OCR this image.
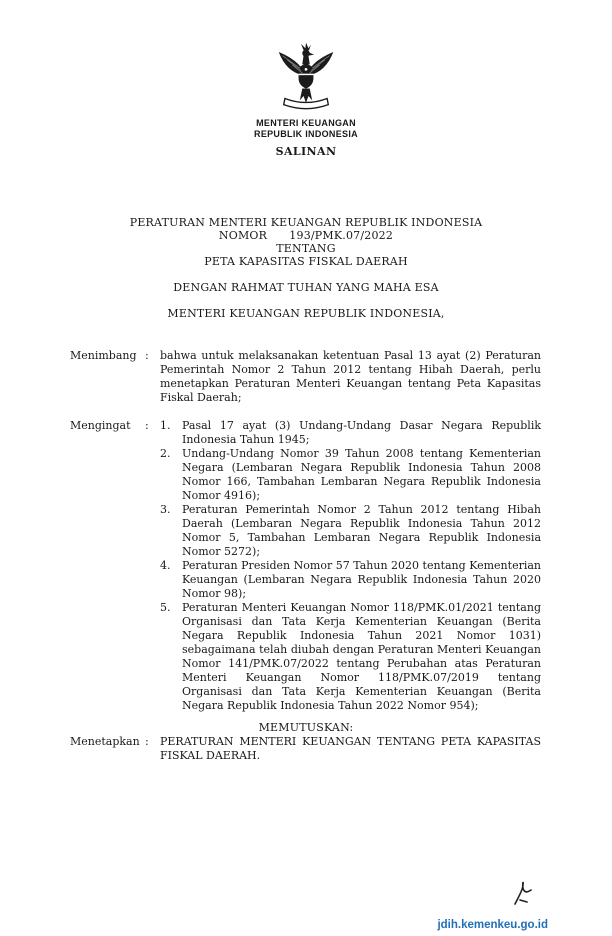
MENTERI KEUANGAN
REPUBLIK INDONESIA
SALINAN
PERATURAN MENTERI KEUANGAN REPUBLIK INDONESIA
NOMOR      193/PMK.07/2022
TENTANG
PETA KAPASITAS FISKAL DAERAH
DENGAN RAHMAT TUHAN YANG MAHA ESA
MENTERI KEUANGAN REPUBLIK INDONESIA,
Menimbang :	bahwa untuk melaksanakan ketentuan Pasal 13 ayat (2) Peraturan Pemerintah Nomor 2 Tahun 2012 tentang Hibah Daerah, perlu menetapkan Peraturan Menteri Keuangan tentang Peta Kapasitas Fiskal Daerah;
Mengingat	:	1.	Pasal 17 ayat (3) Undang-Undang Dasar Negara Republik Indonesia Tahun 1945;
2.	Undang-Undang Nomor 39 Tahun 2008 tentang Kementerian Negara (Lembaran Negara Republik Indonesia Tahun 2008 Nomor 166, Tambahan Lembaran Negara Republik Indonesia Nomor 4916);
3.	Peraturan Pemerintah Nomor 2 Tahun 2012 tentang Hibah Daerah (Lembaran Negara Republik Indonesia Tahun 2012 Nomor 5, Tambahan Lembaran Negara Republik Indonesia Nomor 5272);
4.	Peraturan Presiden Nomor 57 Tahun 2020 tentang Kementerian Keuangan (Lembaran Negara Republik Indonesia Tahun 2020 Nomor 98);
5.	Peraturan Menteri Keuangan Nomor 118/PMK.01/2021 tentang Organisasi dan Tata Kerja Kementerian Keuangan (Berita Negara Republik Indonesia Tahun 2021 Nomor 1031) sebagaimana telah diubah dengan Peraturan Menteri Keuangan Nomor 141/PMK.07/2022 tentang Perubahan atas Peraturan Menteri Keuangan Nomor 118/PMK.07/2019 tentang Organisasi dan Tata Kerja Kementerian Keuangan (Berita Negara Republik Indonesia Tahun 2022 Nomor 954);
MEMUTUSKAN:
Menetapkan :	PERATURAN MENTERI KEUANGAN TENTANG PETA KAPASITAS FISKAL DAERAH.
jdih.kemenkeu.go.id
